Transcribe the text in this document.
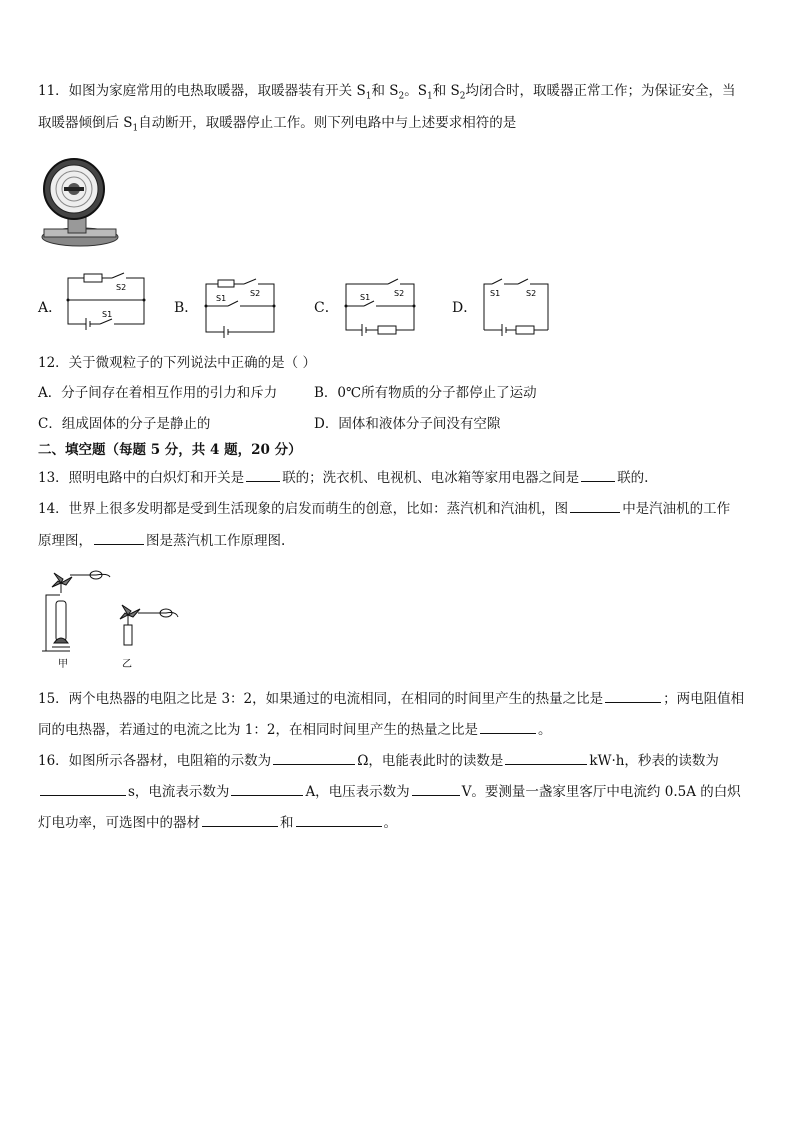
11．如图为家庭常用的电热取暖器，取暖器装有开关 $S_1$和 $S_2$。$S_1$和 $S_2$均闭合时，取暖器正常工作；为保证安全，当
取暖器倾倒后 $S_1$自动断开，取暖器停止工作。则下列电路中与上述要求相符的是
A．	B．	C．	D．
S2
S1
S2
S1
S2
S1	S1	S2
12．关于微观粒子的下列说法中正确的是（ ）
A．分子间存在着相互作用的引力和斥力	B．0℃所有物质的分子都停止了运动
C．组成固体的分子是静止的	D．固体和液体分子间没有空隙
二、填空题（每题 5 分，共 4 题，20 分）
13．照明电路中的白炽灯和开关是	联的；洗衣机、电视机、电冰箱等家用电器之间是	联的.
14．世界上很多发明都是受到生活现象的启发而萌生的创意，比如：蒸汽机和汽油机，图	中是汽油机的工作
原理图，	图是蒸汽机工作原理图.
甲	乙
15．两个电热器的电阻之比是 3：2，如果通过的电流相同，在相同的时间里产生的热量之比是	；两电阻值相
同的电热器，若通过的电流之比为 1：2，在相同时间里产生的热量之比是	。
16．如图所示各器材，电阻箱的示数为	Ω，电能表此时的读数是	kW·h，秒表的读数为
s，电流表示数为	A，电压表示数为	V。要测量一盏家里客厅中电流约 0.5A 的白炽
灯电功率，可选图中的器材	和	。
